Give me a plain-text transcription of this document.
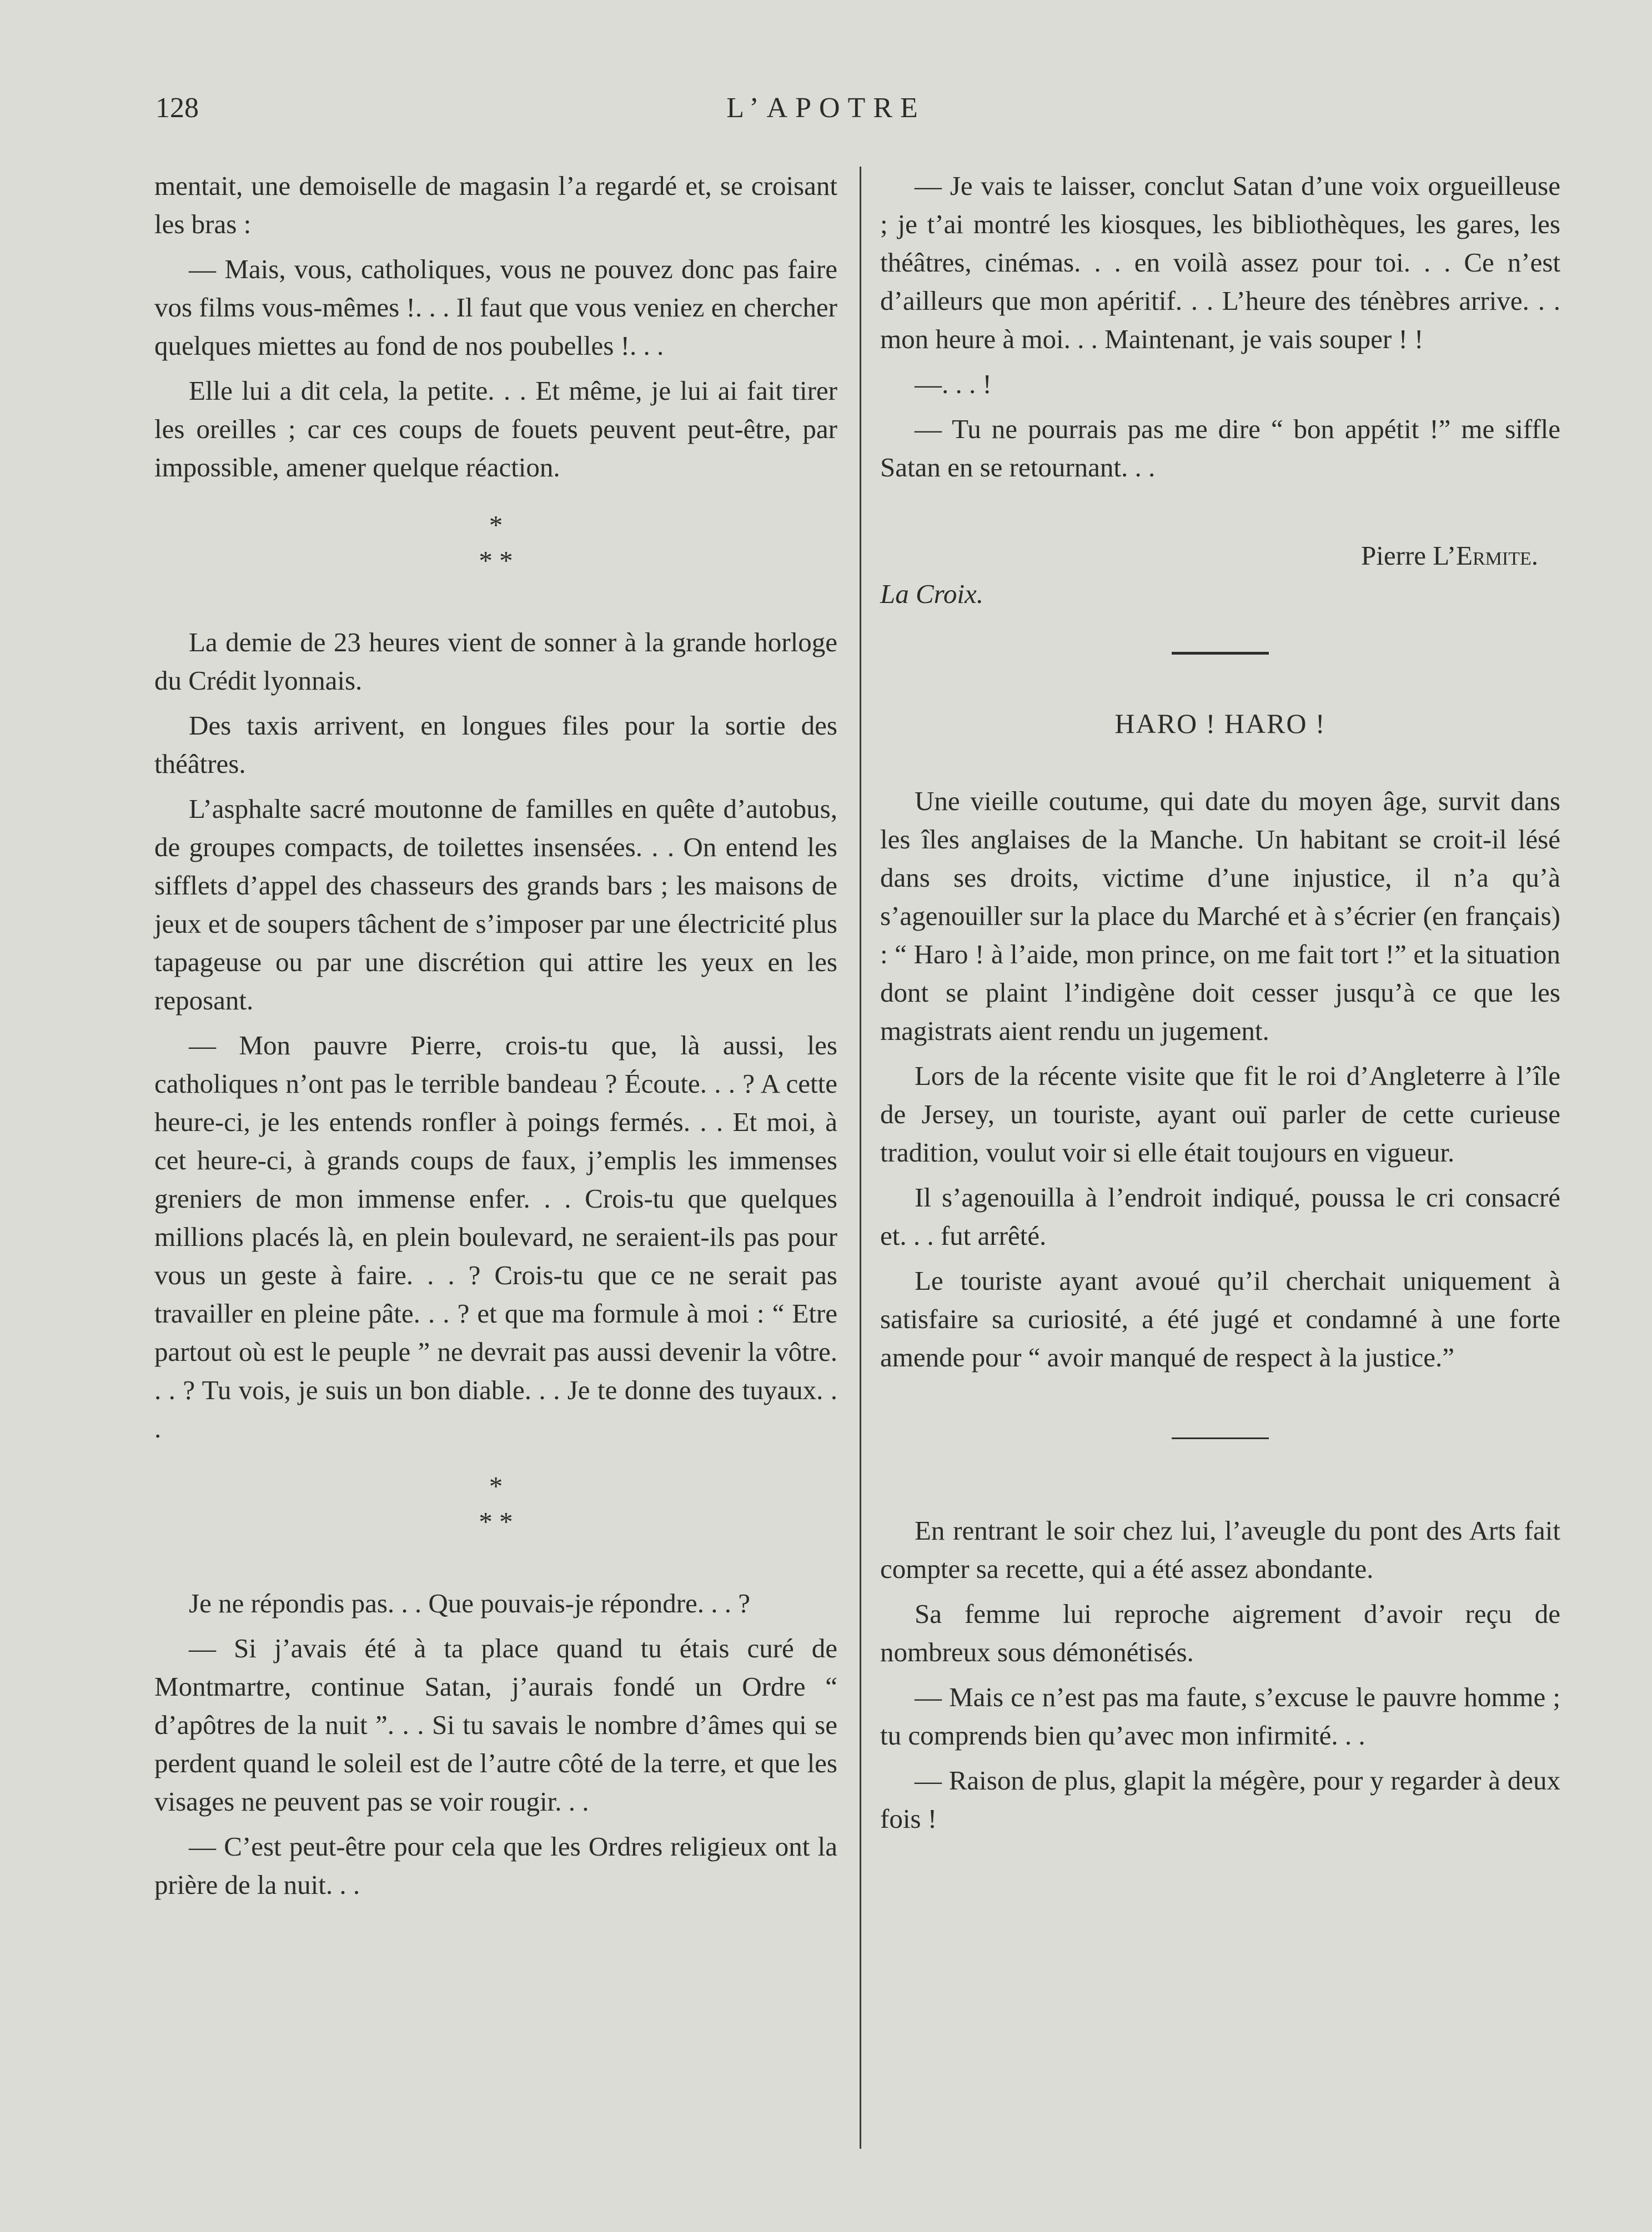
128	L’APOTRE

mentait, une demoiselle de magasin l’a regardé et, se croisant les bras :

— Mais, vous, catholiques, vous ne pouvez donc pas faire vos films vous-mêmes !. . . Il faut que vous veniez en chercher quelques miettes au fond de nos poubelles !. . .

Elle lui a dit cela, la petite. . . Et même, je lui ai fait tirer les oreilles ; car ces coups de fouets peuvent peut-être, par impossible, amener quelque réaction.

*
* *

La demie de 23 heures vient de sonner à la grande horloge du Crédit lyonnais.

Des taxis arrivent, en longues files pour la sortie des théâtres.

L’asphalte sacré moutonne de familles en quête d’autobus, de groupes compacts, de toilettes insensées. . . On entend les sifflets d’appel des chasseurs des grands bars ; les maisons de jeux et de soupers tâchent de s’imposer par une électricité plus tapageuse ou par une discrétion qui attire les yeux en les reposant.

— Mon pauvre Pierre, crois-tu que, là aussi, les catholiques n’ont pas le terrible bandeau ? Écoute. . . ? A cette heure-ci, je les entends ronfler à poings fermés. . . Et moi, à cet heure-ci, à grands coups de faux, j’emplis les immenses greniers de mon immense enfer. . . Crois-tu que quelques millions placés là, en plein boulevard, ne seraient-ils pas pour vous un geste à faire. . . ? Crois-tu que ce ne serait pas travailler en pleine pâte. . . ? et que ma formule à moi : “ Etre partout où est le peuple ” ne devrait pas aussi devenir la vôtre. . . ? Tu vois, je suis un bon diable. . . Je te donne des tuyaux. . .

*
* *

Je ne répondis pas. . . Que pouvais-je répondre. . . ?

— Si j’avais été à ta place quand tu étais curé de Montmartre, continue Satan, j’aurais fondé un Ordre “ d’apôtres de la nuit ”. . . Si tu savais le nombre d’âmes qui se perdent quand le soleil est de l’autre côté de la terre, et que les visages ne peuvent pas se voir rougir. . .

— C’est peut-être pour cela que les Ordres religieux ont la prière de la nuit. . .

— Je vais te laisser, conclut Satan d’une voix orgueilleuse ; je t’ai montré les kiosques, les bibliothèques, les gares, les théâtres, cinémas. . . en voilà assez pour toi. . . Ce n’est d’ailleurs que mon apéritif. . . L’heure des ténèbres arrive. . . mon heure à moi. . . Maintenant, je vais souper ! !

—. . . !

— Tu ne pourrais pas me dire “ bon appétit !” me siffle Satan en se retournant. . .

Pierre L’Ermite.

La Croix.

HARO ! HARO !

Une vieille coutume, qui date du moyen âge, survit dans les îles anglaises de la Manche. Un habitant se croit-il lésé dans ses droits, victime d’une injustice, il n’a qu’à s’agenouiller sur la place du Marché et à s’écrier (en français) : “ Haro ! à l’aide, mon prince, on me fait tort !” et la situation dont se plaint l’indigène doit cesser jusqu’à ce que les magistrats aient rendu un jugement.

Lors de la récente visite que fit le roi d’Angleterre à l’île de Jersey, un touriste, ayant ouï parler de cette curieuse tradition, voulut voir si elle était toujours en vigueur.

Il s’agenouilla à l’endroit indiqué, poussa le cri consacré et. . . fut arrêté.

Le touriste ayant avoué qu’il cherchait uniquement à satisfaire sa curiosité, a été jugé et condamné à une forte amende pour “ avoir manqué de respect à la justice.”

En rentrant le soir chez lui, l’aveugle du pont des Arts fait compter sa recette, qui a été assez abondante.

Sa femme lui reproche aigrement d’avoir reçu de nombreux sous démonétisés.

— Mais ce n’est pas ma faute, s’excuse le pauvre homme ; tu comprends bien qu’avec mon infirmité. . .

— Raison de plus, glapit la mégère, pour y regarder à deux fois !
